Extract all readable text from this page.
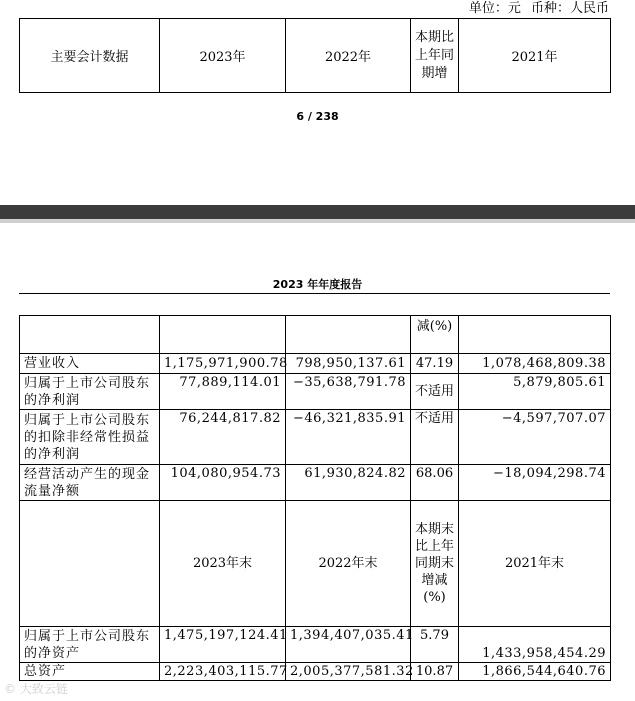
单位：元 币种：人民币
主要会计数据	2023年	2022年	本期比上年同期增	2021年
6 / 238
2023 年年度报告
			减(%)	
营业收入	1,175,971,900.78	798,950,137.61	47.19	1,078,468,809.38
归属于上市公司股东的净利润	77,889,114.01	−35,638,791.78	不适用	5,879,805.61
归属于上市公司股东的扣除非经常性损益的净利润	76,244,817.82	−46,321,835.91	不适用	−4,597,707.07
经营活动产生的现金流量净额	104,080,954.73	61,930,824.82	68.06	−18,094,298.74
	2023年末	2022年末	本期末比上年同期末增减(%)	2021年末
归属于上市公司股东的净资产	1,475,197,124.41	1,394,407,035.41	5.79	1,433,958,454.29
总资产	2,223,403,115.77	2,005,377,581.32	10.87	1,866,544,640.76
© 大致云链
